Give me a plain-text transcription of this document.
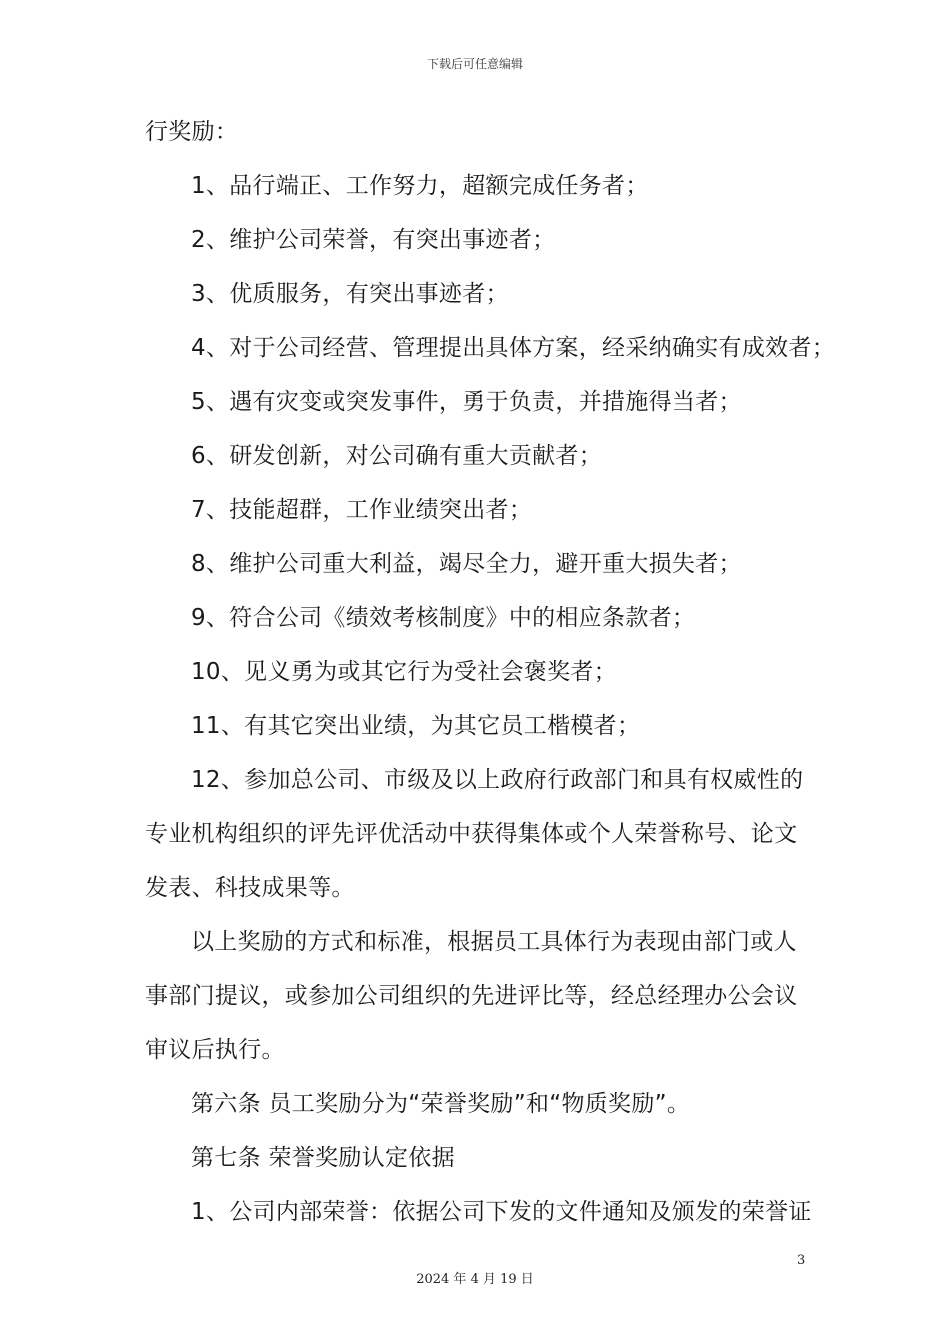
下载后可任意编辑
行奖励：
1、品行端正、工作努力，超额完成任务者；
2、维护公司荣誉，有突出事迹者；
3、优质服务，有突出事迹者；
4、对于公司经营、管理提出具体方案，经采纳确实有成效者；
5、遇有灾变或突发事件，勇于负责，并措施得当者；
6、研发创新，对公司确有重大贡献者；
7、技能超群，工作业绩突出者；
8、维护公司重大利益，竭尽全力，避开重大损失者；
9、符合公司《绩效考核制度》中的相应条款者；
10、见义勇为或其它行为受社会褒奖者；
11、有其它突出业绩，为其它员工楷模者；
12、参加总公司、市级及以上政府行政部门和具有权威性的
专业机构组织的评先评优活动中获得集体或个人荣誉称号、论文
发表、科技成果等。
以上奖励的方式和标准，根据员工具体行为表现由部门或人
事部门提议，或参加公司组织的先进评比等，经总经理办公会议
审议后执行。
第六条 员工奖励分为“荣誉奖励”和“物质奖励”。
第七条 荣誉奖励认定依据
1、公司内部荣誉：依据公司下发的文件通知及颁发的荣誉证
3
2024 年 4 月 19 日
